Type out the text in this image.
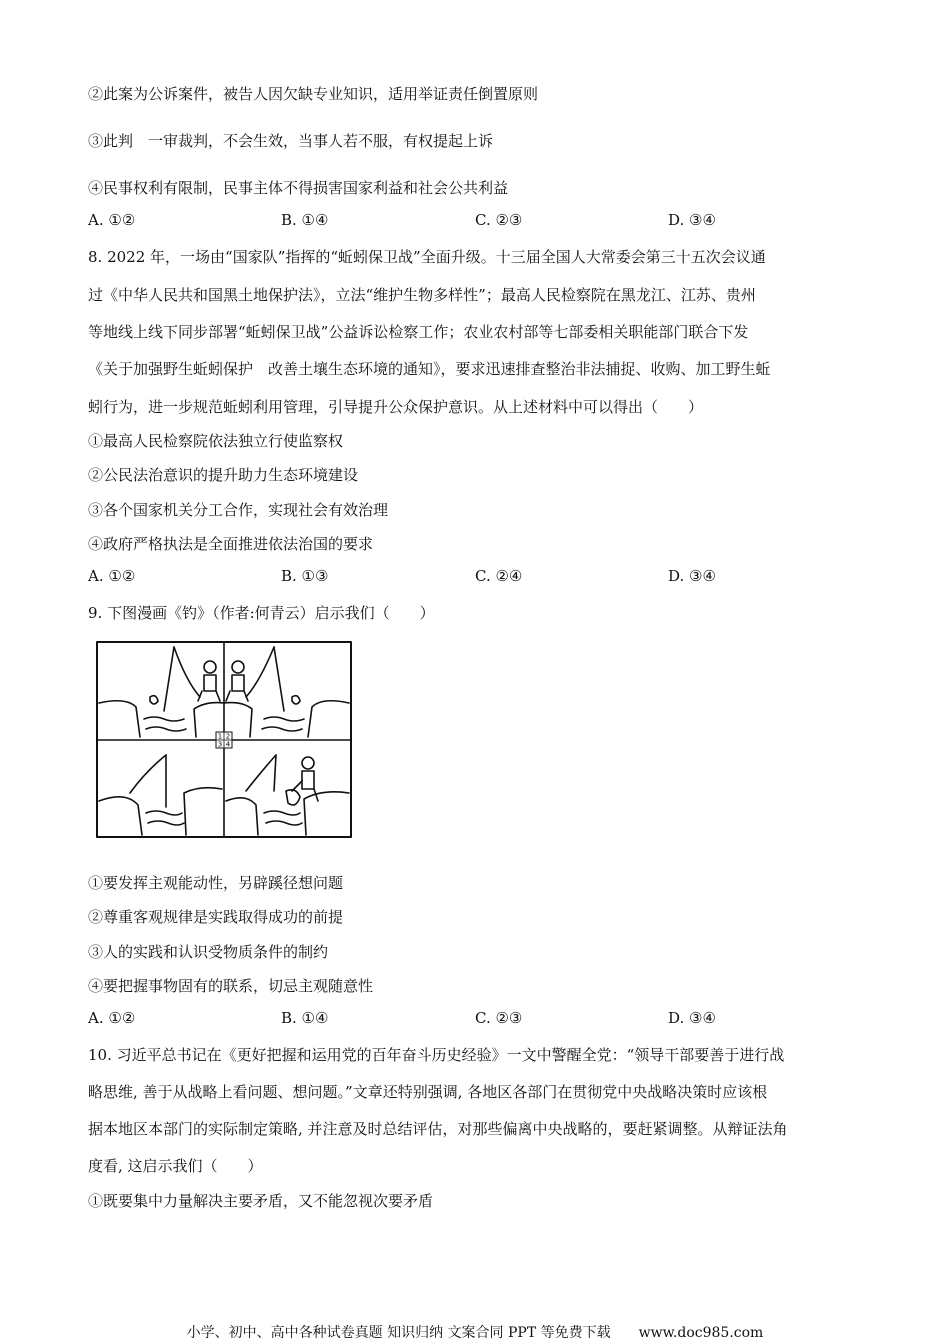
②此案为公诉案件，被告人因欠缺专业知识，适用举证责任倒置原则
③此判　一审裁判，不会生效，当事人若不服，有权提起上诉
④民事权利有限制，民事主体不得损害国家利益和社会公共利益
A. ①②	B. ①④	C. ②③	D. ③④
8. 2022 年，一场由“国家队”指挥的“蚯蚓保卫战”全面升级。十三届全国人大常委会第三十五次会议通
过《中华人民共和国黑土地保护法》，立法“维护生物多样性”；最高人民检察院在黑龙江、江苏、贵州
等地线上线下同步部署“蚯蚓保卫战”公益诉讼检察工作；农业农村部等七部委相关职能部门联合下发
《关于加强野生蚯蚓保护　改善土壤生态环境的通知》，要求迅速排查整治非法捕捉、收购、加工野生蚯
蚓行为，进一步规范蚯蚓利用管理，引导提升公众保护意识。从上述材料中可以得出（　　）
①最高人民检察院依法独立行使监察权
②公民法治意识的提升助力生态环境建设
③各个国家机关分工合作，实现社会有效治理
④政府严格执法是全面推进依法治国的要求
A. ①②	B. ①③	C. ②④	D. ③④
9. 下图漫画《钓》（作者:何青云）启示我们（　　）
1 2
3 4
①要发挥主观能动性，另辟蹊径想问题
②尊重客观规律是实践取得成功的前提
③人的实践和认识受物质条件的制约
④要把握事物固有的联系，切忌主观随意性
A. ①②	B. ①④	C. ②③	D. ③④
10. 习近平总书记在《更好把握和运用党的百年奋斗历史经验》一文中警醒全党：“领导干部要善于进行战
略思维, 善于从战略上看问题、想问题。”文章还特别强调, 各地区各部门在贯彻党中央战略决策时应该根
据本地区本部门的实际制定策略, 并注意及时总结评估，对那些偏离中央战略的，要赶紧调整。从辩证法角
度看, 这启示我们（　　）
①既要集中力量解决主要矛盾，又不能忽视次要矛盾
小学、初中、高中各种试卷真题 知识归纳 文案合同 PPT 等免费下载　　www.doc985.com
